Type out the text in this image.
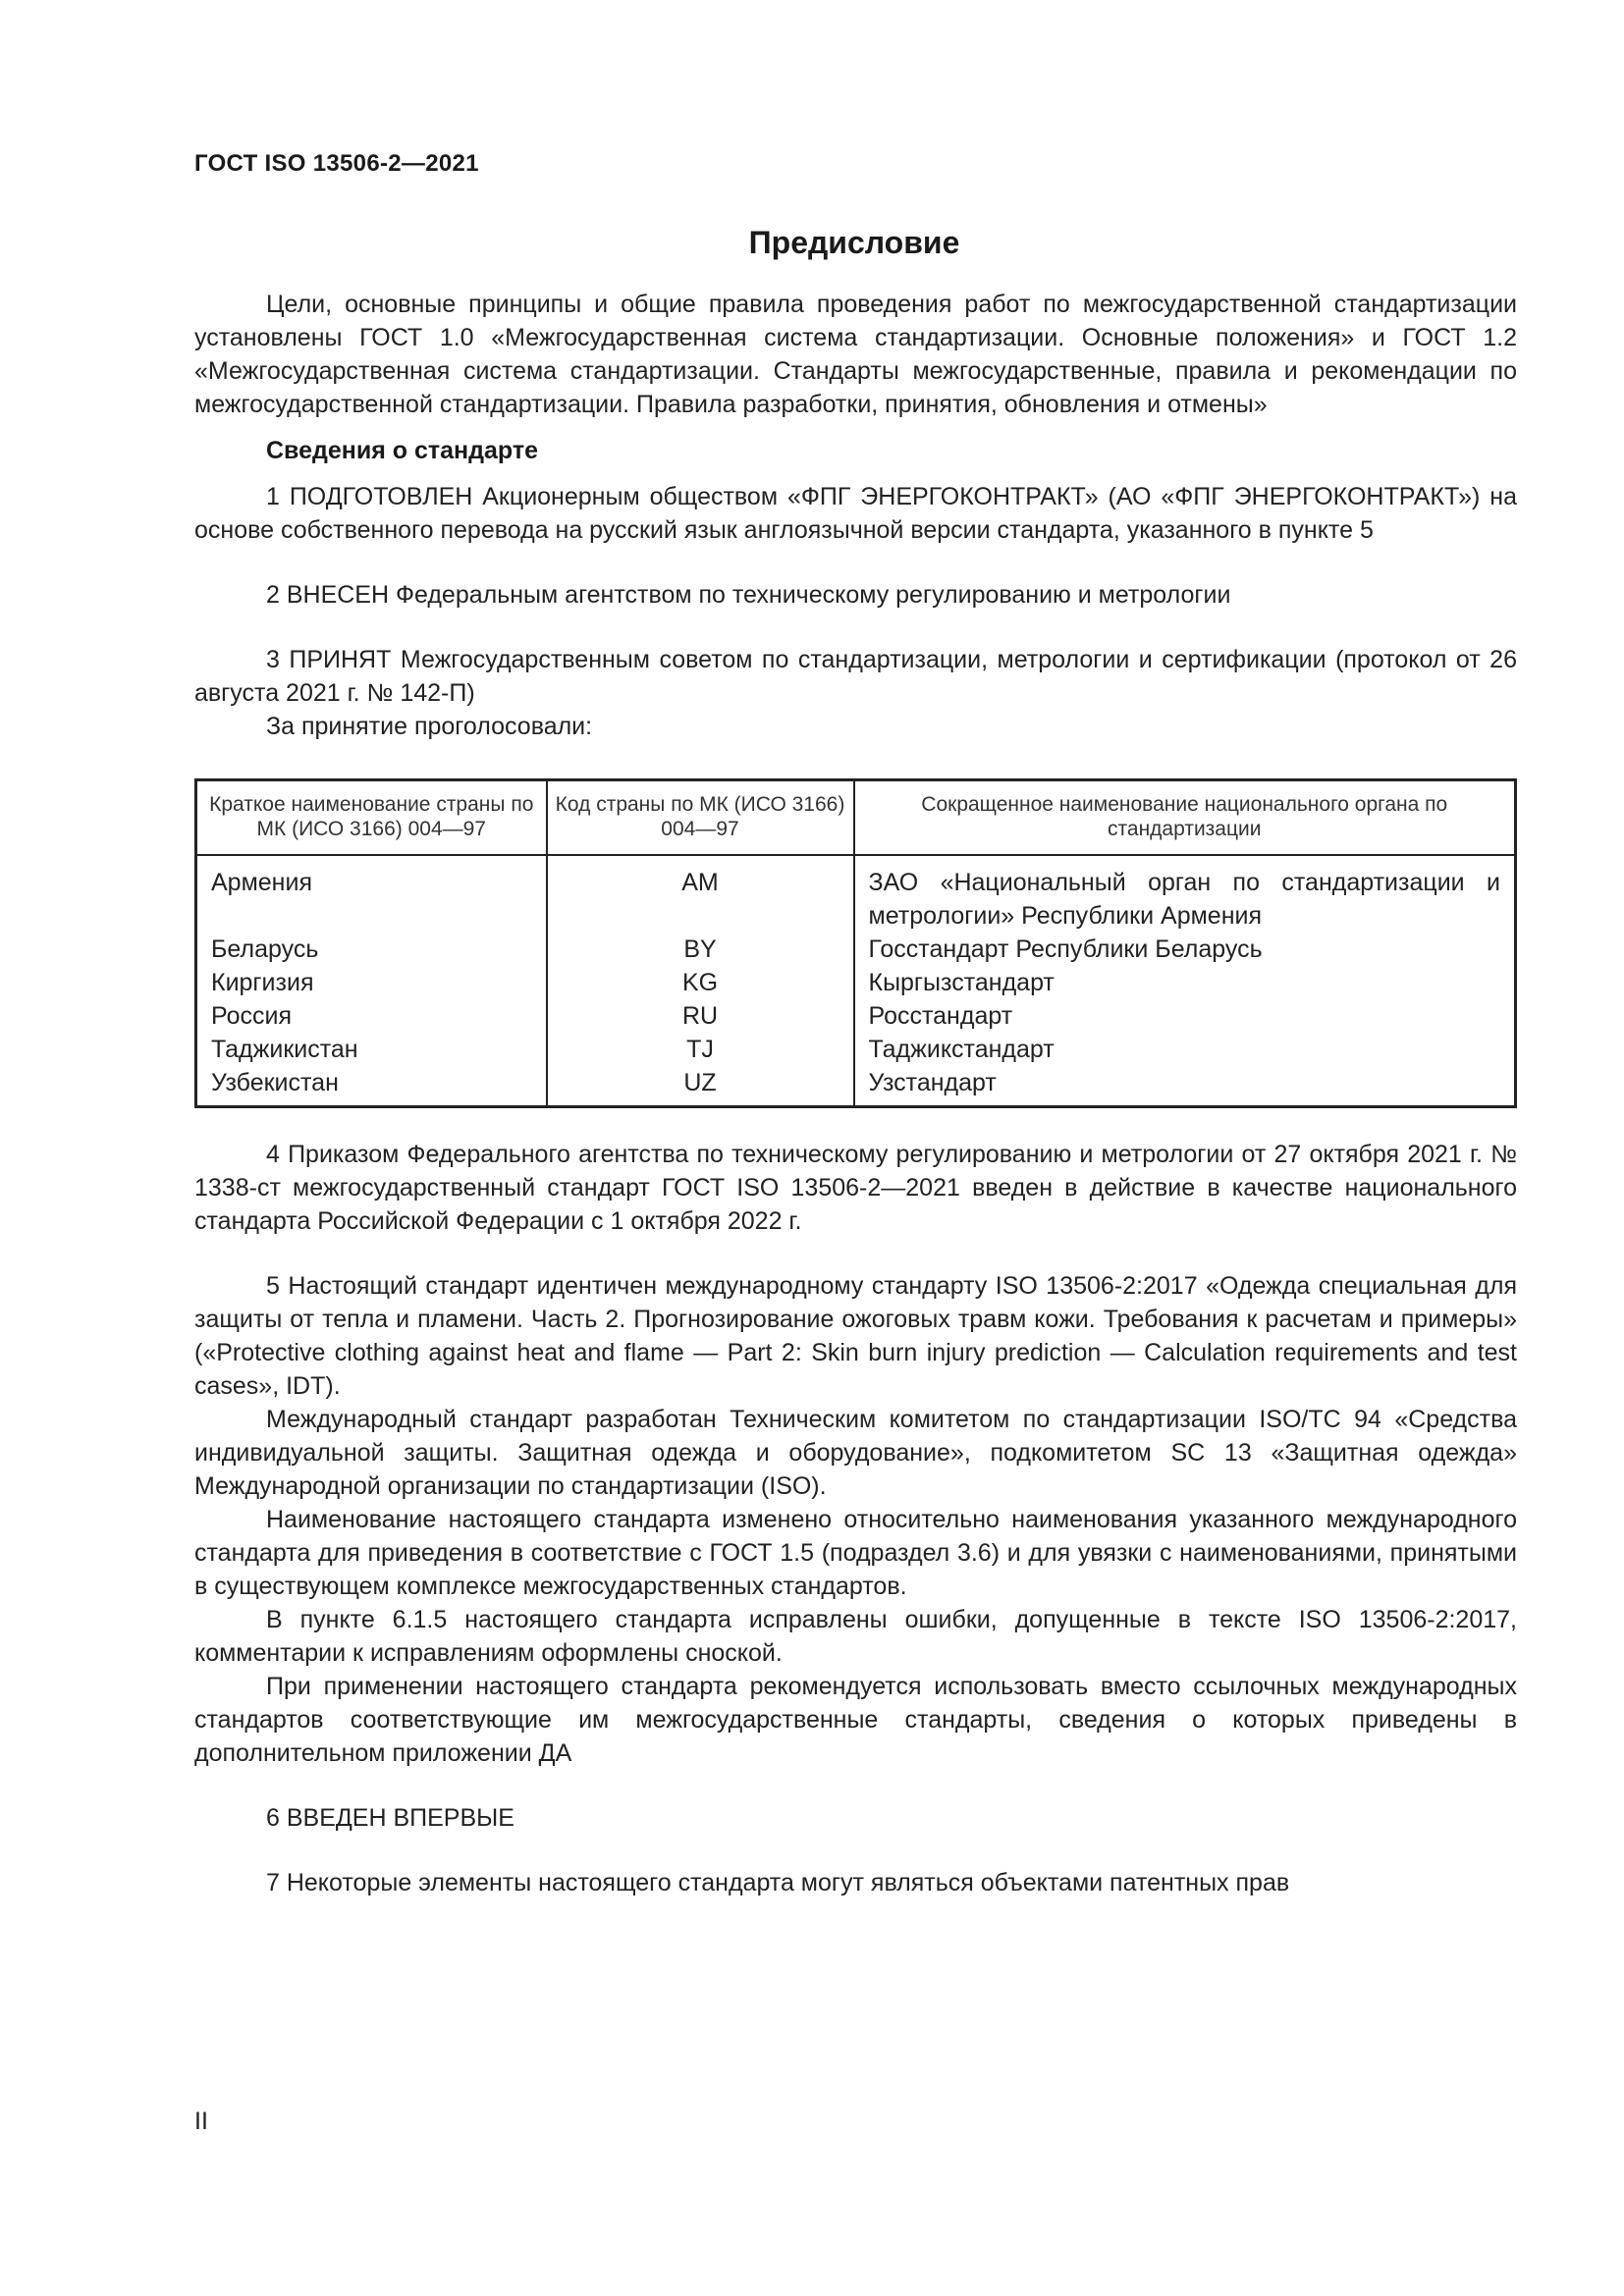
ГОСТ ISO 13506-2—2021
Предисловие

Цели, основные принципы и общие правила проведения работ по межгосударственной стандартизации установлены ГОСТ 1.0 «Межгосударственная система стандартизации. Основные положения» и ГОСТ 1.2 «Межгосударственная система стандартизации. Стандарты межгосударственные, правила и рекомендации по межгосударственной стандартизации. Правила разработки, принятия, обновления и отмены»

Сведения о стандарте

1 ПОДГОТОВЛЕН Акционерным обществом «ФПГ ЭНЕРГОКОНТРАКТ» (АО «ФПГ ЭНЕРГОКОНТРАКТ») на основе собственного перевода на русский язык англоязычной версии стандарта, указанного в пункте 5

2 ВНЕСЕН Федеральным агентством по техническому регулированию и метрологии

3 ПРИНЯТ Межгосударственным советом по стандартизации, метрологии и сертификации (протокол от 26 августа 2021 г. № 142-П)

За принятие проголосовали:

Краткое наименование страны по МК (ИСО 3166) 004—97	Код страны по МК (ИСО 3166) 004—97	Сокращенное наименование национального органа по стандартизации
Армения	AM	ЗАО «Национальный орган по стандартизации и метрологии» Республики Армения
Беларусь	BY	Госстандарт Республики Беларусь
Киргизия	KG	Кыргызстандарт
Россия	RU	Росстандарт
Таджикистан	TJ	Таджикстандарт
Узбекистан	UZ	Узстандарт

4 Приказом Федерального агентства по техническому регулированию и метрологии от 27 октября 2021 г. № 1338-ст межгосударственный стандарт ГОСТ ISO 13506-2—2021 введен в действие в качестве национального стандарта Российской Федерации с 1 октября 2022 г.

5 Настоящий стандарт идентичен международному стандарту ISO 13506-2:2017 «Одежда специальная для защиты от тепла и пламени. Часть 2. Прогнозирование ожоговых травм кожи. Требования к расчетам и примеры» («Protective clothing against heat and flame — Part 2: Skin burn injury prediction — Calculation requirements and test cases», IDT).

Международный стандарт разработан Техническим комитетом по стандартизации ISO/TC 94 «Средства индивидуальной защиты. Защитная одежда и оборудование», подкомитетом SC 13 «Защитная одежда» Международной организации по стандартизации (ISO).

Наименование настоящего стандарта изменено относительно наименования указанного международного стандарта для приведения в соответствие с ГОСТ 1.5 (подраздел 3.6) и для увязки с наименованиями, принятыми в существующем комплексе межгосударственных стандартов.

В пункте 6.1.5 настоящего стандарта исправлены ошибки, допущенные в тексте ISO 13506-2:2017, комментарии к исправлениям оформлены сноской.

При применении настоящего стандарта рекомендуется использовать вместо ссылочных международных стандартов соответствующие им межгосударственные стандарты, сведения о которых приведены в дополнительном приложении ДА

6 ВВЕДЕН ВПЕРВЫЕ

7 Некоторые элементы настоящего стандарта могут являться объектами патентных прав

II
